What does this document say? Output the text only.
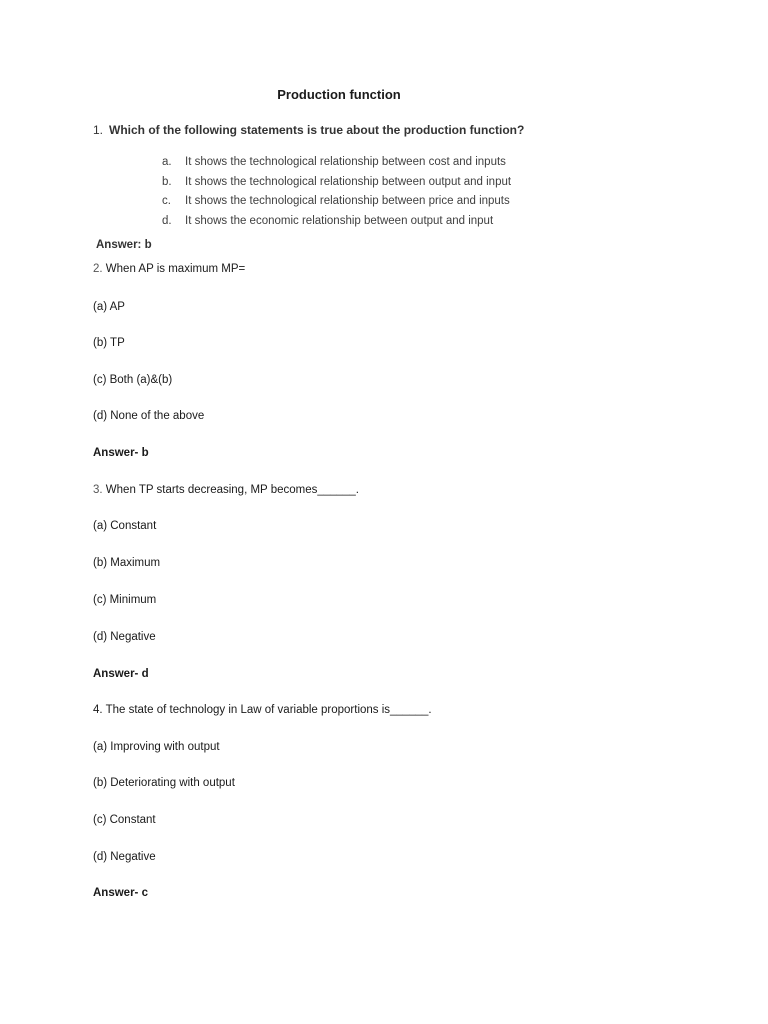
Production function
1. Which of the following statements is true about the production function?
a. It shows the technological relationship between cost and inputs
b. It shows the technological relationship between output and input
c. It shows the technological relationship between price and inputs
d. It shows the economic relationship between output and input
Answer: b
2. When AP is maximum MP=
(a) AP
(b) TP
(c) Both (a)&(b)
(d) None of the above
Answer- b
3. When TP starts decreasing, MP becomes______.
(a) Constant
(b) Maximum
(c) Minimum
(d) Negative
Answer- d
4. The state of technology in Law of variable proportions is______.
(a) Improving with output
(b) Deteriorating with output
(c) Constant
(d) Negative
Answer- c
